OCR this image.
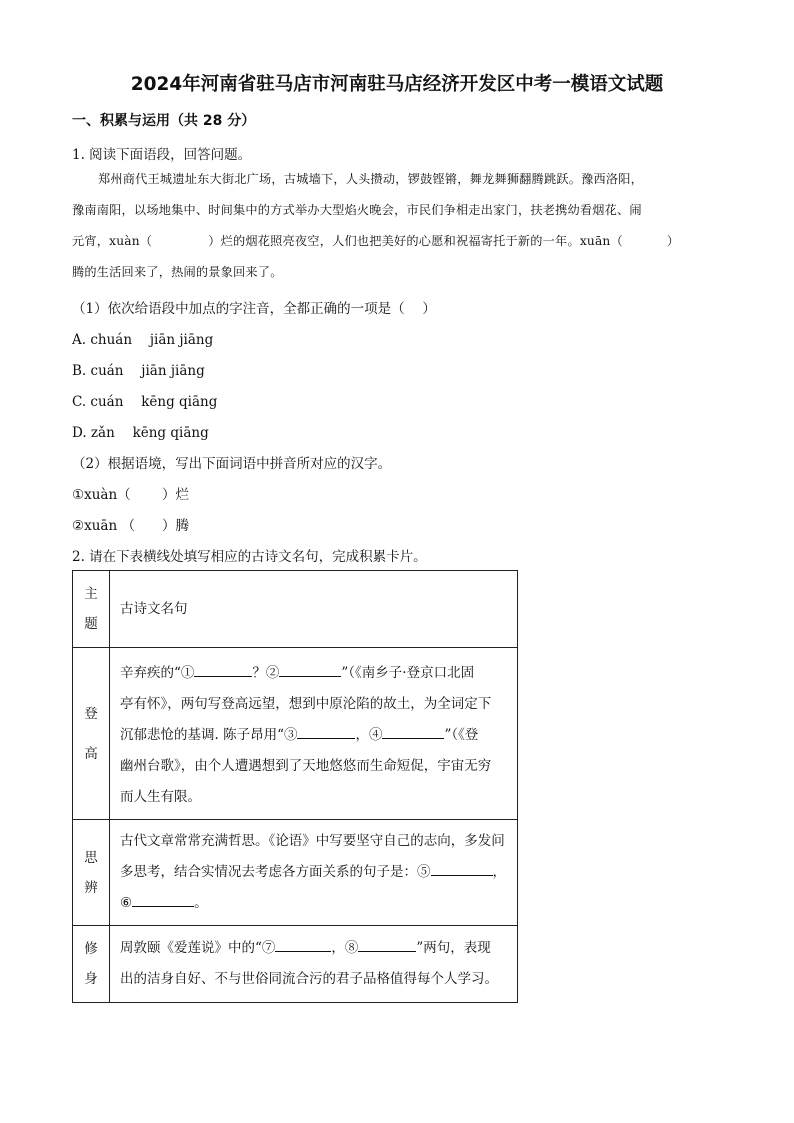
2024年河南省驻马店市河南驻马店经济开发区中考一模语文试题
一、积累与运用（共 28 分）
1. 阅读下面语段，回答问题。
郑州商代王城遗址东大街北广场，古城墙下，人头攒动，锣鼓铿锵，舞龙舞狮翻腾跳跃。豫西洛阳，
豫南南阳，以场地集中、时间集中的方式举办大型焰火晚会，市民们争相走出家门，扶老携幼看烟花、闹
元宵，xuàn（	）烂的烟花照亮夜空，人们也把美好的心愿和祝福寄托于新的一年。xuān（	）
腾的生活回来了，热闹的景象回来了。
（1）依次给语段中加点的字注音，全都正确的一项是（　 ）
A. chuán　 jiān jiāng
B. cuán　 jiān jiāng
C. cuán　 kēng qiāng
D. zǎn　 kēng qiāng
（2）根据语境，写出下面词语中拼音所对应的汉字。
①xuàn（　　 ）烂
②xuān （　　）腾
2. 请在下表横线处填写相应的古诗文名句，完成积累卡片。
主题	古诗文名句
登高	辛弃疾的“① ？② ”（《南乡子·登京口北固
亭有怀》，两句写登高远望，想到中原沦陷的故土，为全词定下
沉郁悲怆的基调. 陈子昂用“③ ，④ ”（《登
幽州台歌》，由个人遭遇想到了天地悠悠而生命短促，宇宙无穷
而人生有限。

思辨	古代文章常常充满哲思。《论语》中写要坚守自己的志向，多发问
多思考，结合实情况去考虑各方面关系的句子是：⑤ ，
⑥ 。

修身	周敦颐《爱莲说》中的“⑦ ，⑧ ”两句，表现
出的洁身自好、不与世俗同流合污的君子品格值得每个人学习。
